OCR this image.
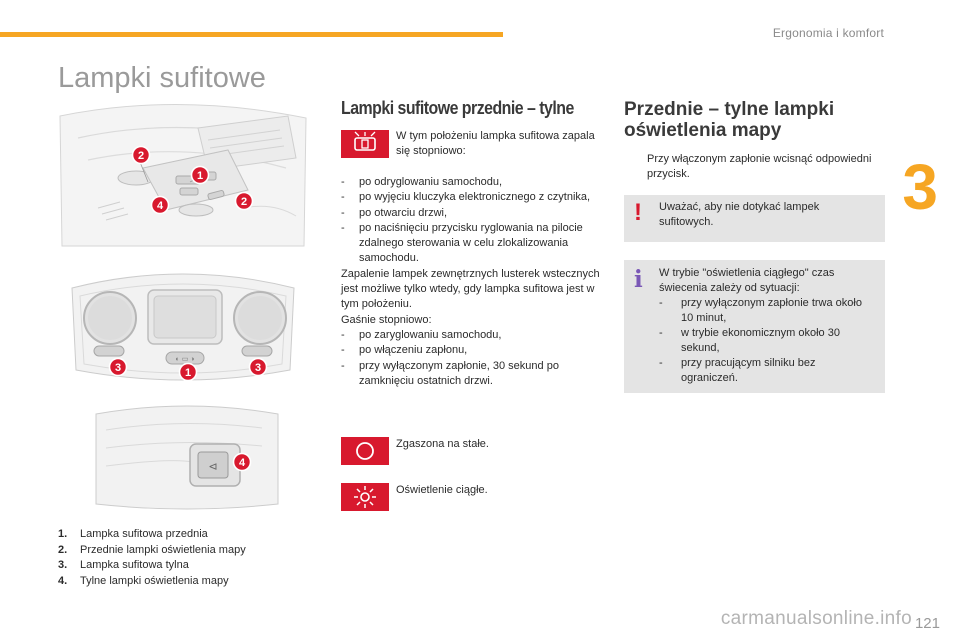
Ergonomia i komfort
3
Lampki sufitowe
2
1
4	2
◐ ▭ ◑
3	1	3
⊲ 4
1.	Lampka sufitowa przednia
2.	Przednie lampki oświetlenia mapy
3.	Lampka sufitowa tylna
4.	Tylne lampki oświetlenia mapy
Lampki sufitowe przednie – tylne
W tym położeniu lampka sufitowa zapala się stopniowo:
-	po odryglowaniu samochodu,
-	po wyjęciu kluczyka elektronicznego z czytnika,
-	po otwarciu drzwi,
-	po naciśnięciu przycisku ryglowania na pilocie zdalnego sterowania w celu zlokalizowania samochodu.
Zapalenie lampek zewnętrznych lusterek wstecznych jest możliwe tylko wtedy, gdy lampka sufitowa jest w tym położeniu.
Gaśnie stopniowo:
-	po zaryglowaniu samochodu,
-	po włączeniu zapłonu,
-	przy wyłączonym zapłonie, 30 sekund po zamknięciu ostatnich drzwi.
Zgaszona na stałe.
Oświetlenie ciągłe.
Przednie – tylne lampki
oświetlenia mapy
Przy włączonym zapłonie wcisnąć odpowiedni przycisk.
! Uważać, aby nie dotykać lampek sufitowych.
i W trybie "oświetlenia ciągłego" czas świecenia zależy od sytuacji:
-	przy wyłączonym zapłonie trwa około 10 minut,
-	w trybie ekonomicznym około 30 sekund,
-	przy pracującym silniku bez ograniczeń.
carmanualsonline.info 121
